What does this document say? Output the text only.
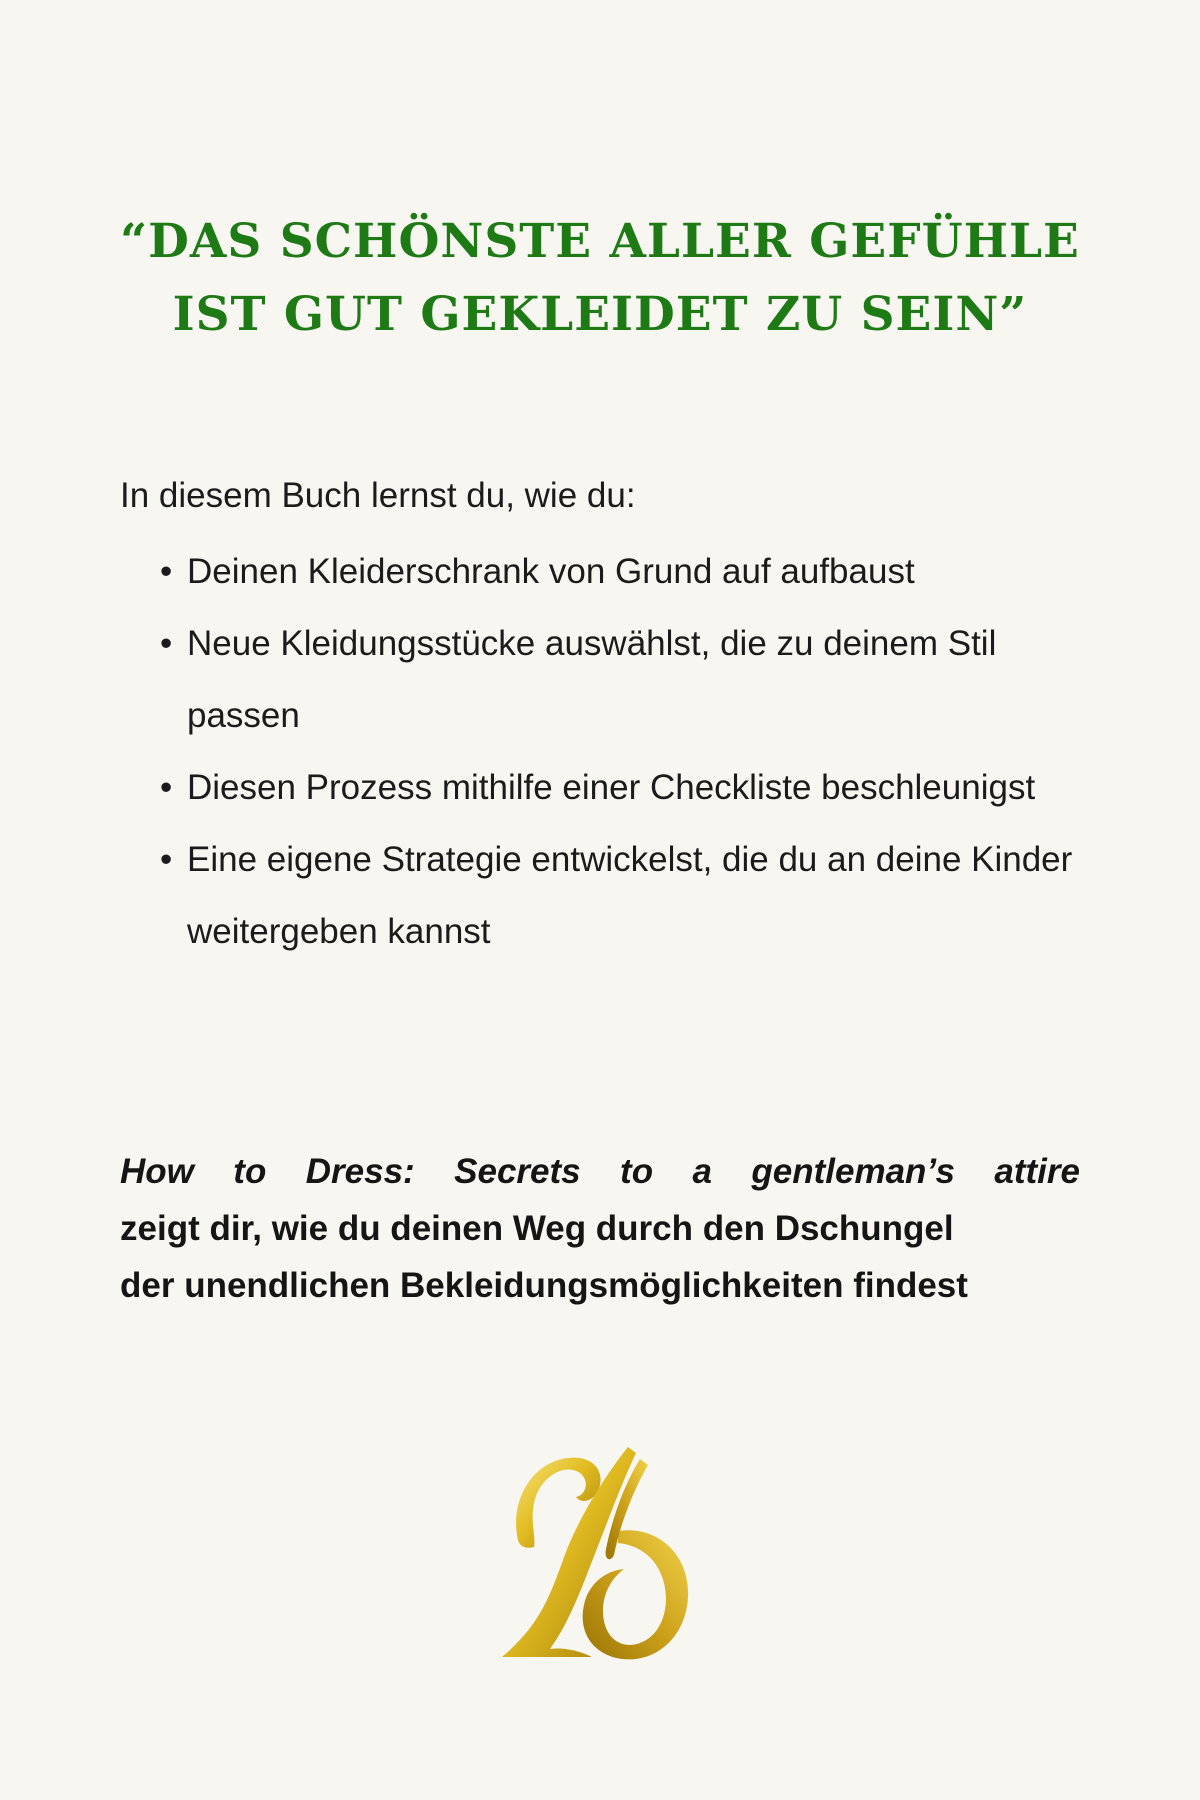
“DAS SCHÖNSTE ALLER GEFÜHLE
IST GUT GEKLEIDET ZU SEIN”

In diesem Buch lernst du, wie du:

• Deinen Kleiderschrank von Grund auf aufbaust
• Neue Kleidungsstücke auswählst, die zu deinem Stil passen
• Diesen Prozess mithilfe einer Checkliste beschleunigst
• Eine eigene Strategie entwickelst, die du an deine Kinder weitergeben kannst

How to Dress: Secrets to a gentleman’s attire
zeigt dir, wie du deinen Weg durch den Dschungel
der unendlichen Bekleidungsmöglichkeiten findest
